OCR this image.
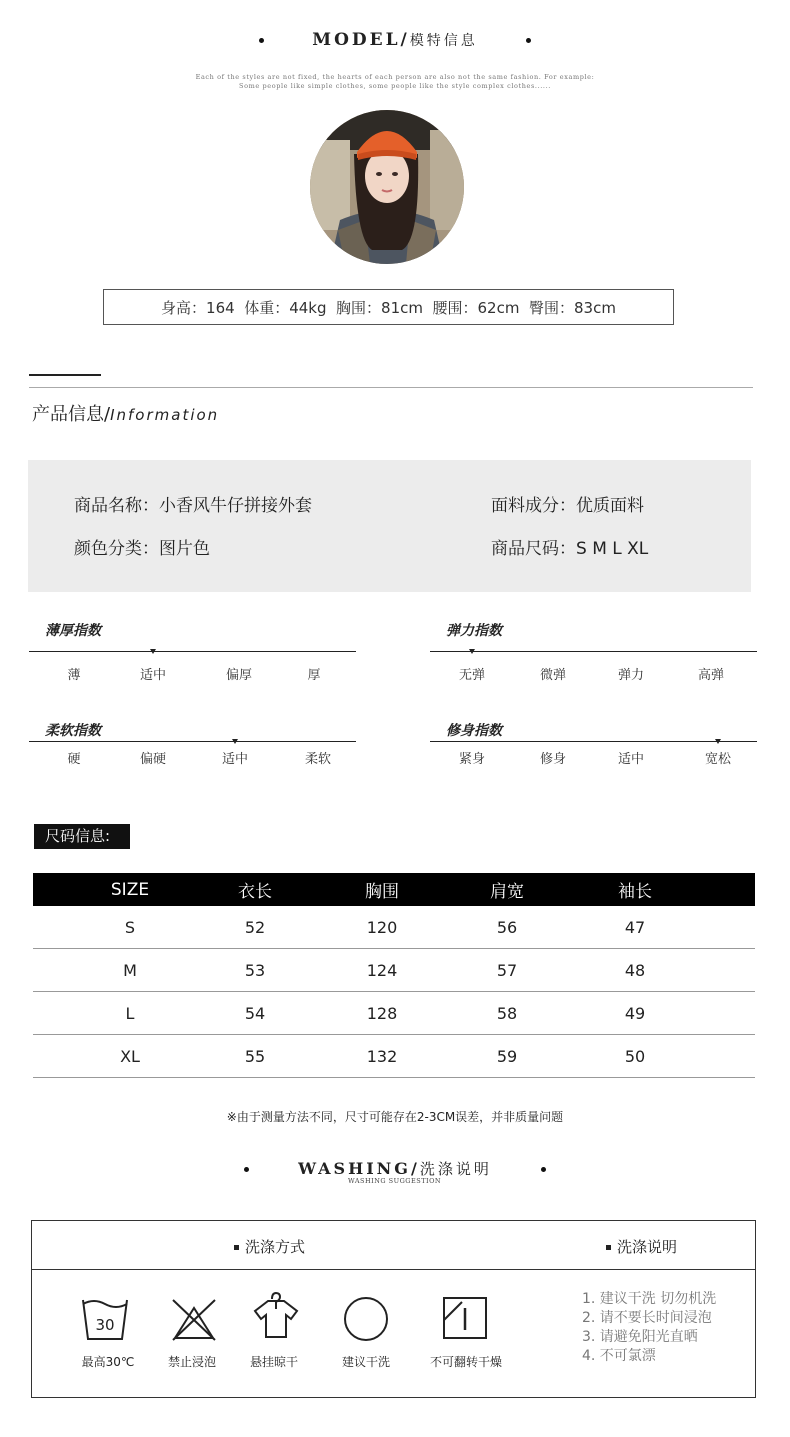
MODEL/模特信息
Each of the styles are not fixed, the hearts of each person are also not the same fashion. For example:
Some people like simple clothes, some people like the style complex clothes......
身高：164  体重：44kg  胸围：81cm  腰围：62cm  臀围：83cm
产品信息/Information
商品名称：小香风牛仔拼接外套	面料成分：优质面料
颜色分类：图片色	商品尺码：S M L XL
薄厚指数
薄	适中	偏厚	厚
弹力指数
无弹	微弹	弹力	高弹
柔软指数
硬	偏硬	适中	柔软
修身指数
紧身	修身	适中	宽松
尺码信息:
SIZE	衣长	胸围	肩宽	袖长
S	52	120	56	47
M	53	124	57	48
L	54	128	58	49
XL	55	132	59	50
※由于测量方法不同，尺寸可能存在2-3CM误差，并非质量问题
WASHING/洗涤说明
WASHING SUGGESTION
洗涤方式	洗涤说明
30
最高30℃	禁止浸泡	悬挂晾干	建议干洗	不可翻转干燥
1. 建议干洗 切勿机洗
2. 请不要长时间浸泡
3. 请避免阳光直晒
4. 不可氯漂
